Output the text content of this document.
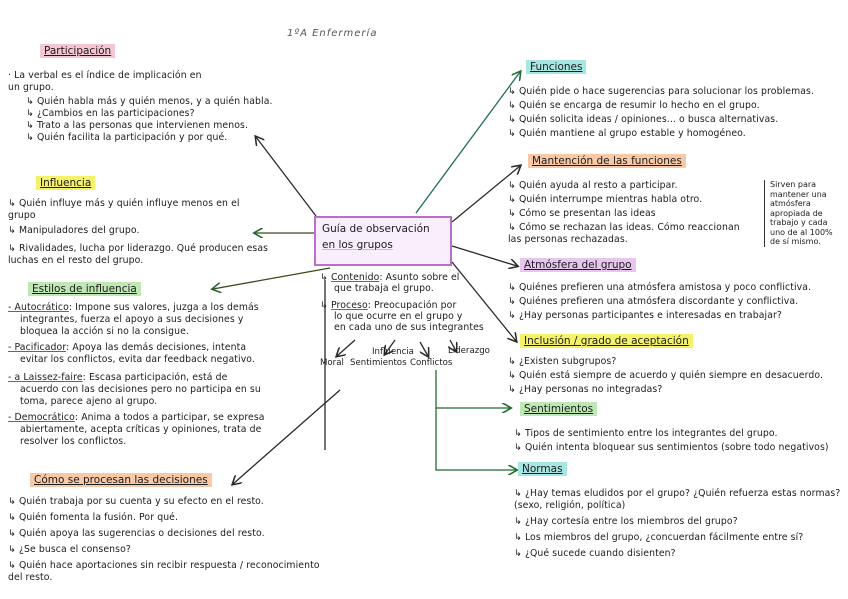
1ºA Enfermería
Guía de observación
en los grupos
↳ Contenido: Asunto sobre el
que trabaja el grupo.
↳ Proceso: Preocupación por
lo que ocurre en el grupo y
en cada uno de sus integrantes
Moral Sentimientos
Influencia
Conflictos
Liderazgo
Participación
· La verbal es el índice de implicación en
un grupo.
↳ Quién habla más y quién menos, y a quién habla.
↳ ¿Cambios en las participaciones?
↳ Trato a las personas que intervienen menos.
↳ Quién facilita la participación y por qué.
Influencia
↳ Quién influye más y quién influye menos en el
grupo
↳ Manipuladores del grupo.
↳ Rivalidades, lucha por liderazgo. Qué producen esas
luchas en el resto del grupo.
Estilos de influencia
- Autocrático: Impone sus valores, juzga a los demás
integrantes, fuerza el apoyo a sus decisiones y
bloquea la acción si no la consigue.
- Pacificador: Apoya las demás decisiones, intenta
evitar los conflictos, evita dar feedback negativo.
- a Laissez-faire: Escasa participación, está de
acuerdo con las decisiones pero no participa en su
toma, parece ajeno al grupo.
- Democrático: Anima a todos a participar, se expresa
abiertamente, acepta críticas y opiniones, trata de
resolver los conflictos.
Cómo se procesan las decisiones
↳ Quién trabaja por su cuenta y su efecto en el resto.
↳ Quién fomenta la fusión. Por qué.
↳ Quién apoya las sugerencias o decisiones del resto.
↳ ¿Se busca el consenso?
↳ Quién hace aportaciones sin recibir respuesta / reconocimiento
del resto.
Funciones
↳ Quién pide o hace sugerencias para solucionar los problemas.
↳ Quién se encarga de resumir lo hecho en el grupo.
↳ Quién solicita ideas / opiniones... o busca alternativas.
↳ Quién mantiene al grupo estable y homogéneo.
Mantención de las funciones
↳ Quién ayuda al resto a participar.
↳ Quién interrumpe mientras habla otro.
↳ Cómo se presentan las ideas
↳ Cómo se rechazan las ideas. Cómo reaccionan
las personas rechazadas.
Sirven para mantener una atmósfera apropiada de trabajo y cada uno de al 100% de sí mismo.
Atmósfera del grupo
↳ Quiénes prefieren una atmósfera amistosa y poco conflictiva.
↳ Quiénes prefieren una atmósfera discordante y conflictiva.
↳ ¿Hay personas participantes e interesadas en trabajar?
Inclusión / grado de aceptación
↳ ¿Existen subgrupos?
↳ Quién está siempre de acuerdo y quién siempre en desacuerdo.
↳ ¿Hay personas no integradas?
Sentimientos
↳ Tipos de sentimiento entre los integrantes del grupo.
↳ Quién intenta bloquear sus sentimientos (sobre todo negativos)
Normas
↳ ¿Hay temas eludidos por el grupo? ¿Quién refuerza estas normas?
(sexo, religión, política)
↳ ¿Hay cortesía entre los miembros del grupo?
↳ Los miembros del grupo, ¿concuerdan fácilmente entre sí?
↳ ¿Qué sucede cuando disienten?
